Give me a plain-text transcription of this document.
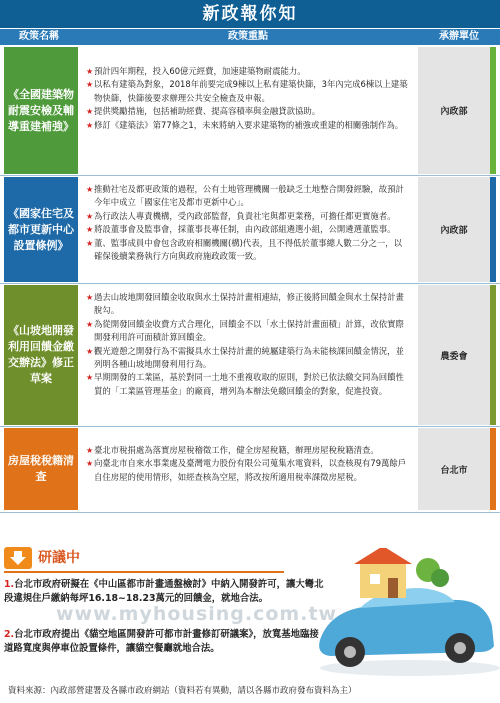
新政報你知
政策名稱	政策重點	承辦單位
《全國建築物耐震安檢及輔導重建補強》
★ 預計四年期程，投入60億元經費，加速建築物耐震能力。
★ 以私有建築為對象，2018年前要完成9棟以上私有建築快篩，3年內完成6棟以上建築物快篩，快篩後要求辦理公共安全檢查及申報。
★ 提供獎勵措施，包括補助經費、提高容積率與金融貸款協助。
★ 修訂《建築法》第77條之1，未來將納入要求建築物的補強或重建的相關強制作為。
內政部
《國家住宅及都市更新中心設置條例》
★ 推動社宅及都更政策的過程，公有土地管理機關一般缺乏土地整合開發經驗，故預計今年中成立「國家住宅及都市更新中心」。
★ 為行政法人專責機構，受內政部監督，負責社宅與都更業務，可擔任都更實施者。
★ 將設董事會及監事會，採董事長專任制，由內政部組遴選小組，公開遴選董監事。
★ 董、監事成員中會包含政府相關機關(構)代表，且不得低於董事總人數二分之一，以確保後續業務執行方向與政府施政政策一致。
內政部
《山坡地開發利用回饋金繳交辦法》修正草案
★ 過去山坡地開發回饋金收取與水土保持計畫相連結，修正後將回饋金與水土保持計畫脫勾。
★ 為從開發回饋金收費方式合理化，回饋金不以「水土保持計畫面積」計算，改依實際開發利用許可面積計算回饋金。
★ 觀光遊憩之開發行為不需擬具水土保持計畫的純屬建築行為未能核課回饋金情況，並列明各種山坡地開發利用行為。
★ 早期開發的工業區，基於對同一土地不重複收取的原則，對於已依法繳交同為回饋性質的「工業區管理基金」的廠商，增列為本辦法免繳回饋金的對象，促進投資。
農委會
房屋稅稅籍清查
★ 臺北市稅捐處為落實房屋稅稽徵工作，健全房屋稅籍，辦理房屋稅稅籍清查。
★ 向臺北市自來水事業處及臺灣電力股份有限公司蒐集水電資料，以查核現有79萬餘戶自住房屋的使用情形，如經查核為空屋，將改按所適用稅率課徵房屋稅。
台北市
研議中
1.台北市政府研擬在《中山區都市計畫通盤檢討》中納入開發許可，讓大彎北段違規住戶繳納每坪16.18~18.23萬元的回饋金，就地合法。
2.台北市政府提出《貓空地區開發許可都市計畫修訂研議案》，放寬基地臨接道路寬度與停車位設置條件，讓貓空餐廳就地合法。
www.myhousing.com.tw
資料來源：內政部營建署及各縣市政府網站（資料若有異動，請以各縣市政府發布資料為主）
